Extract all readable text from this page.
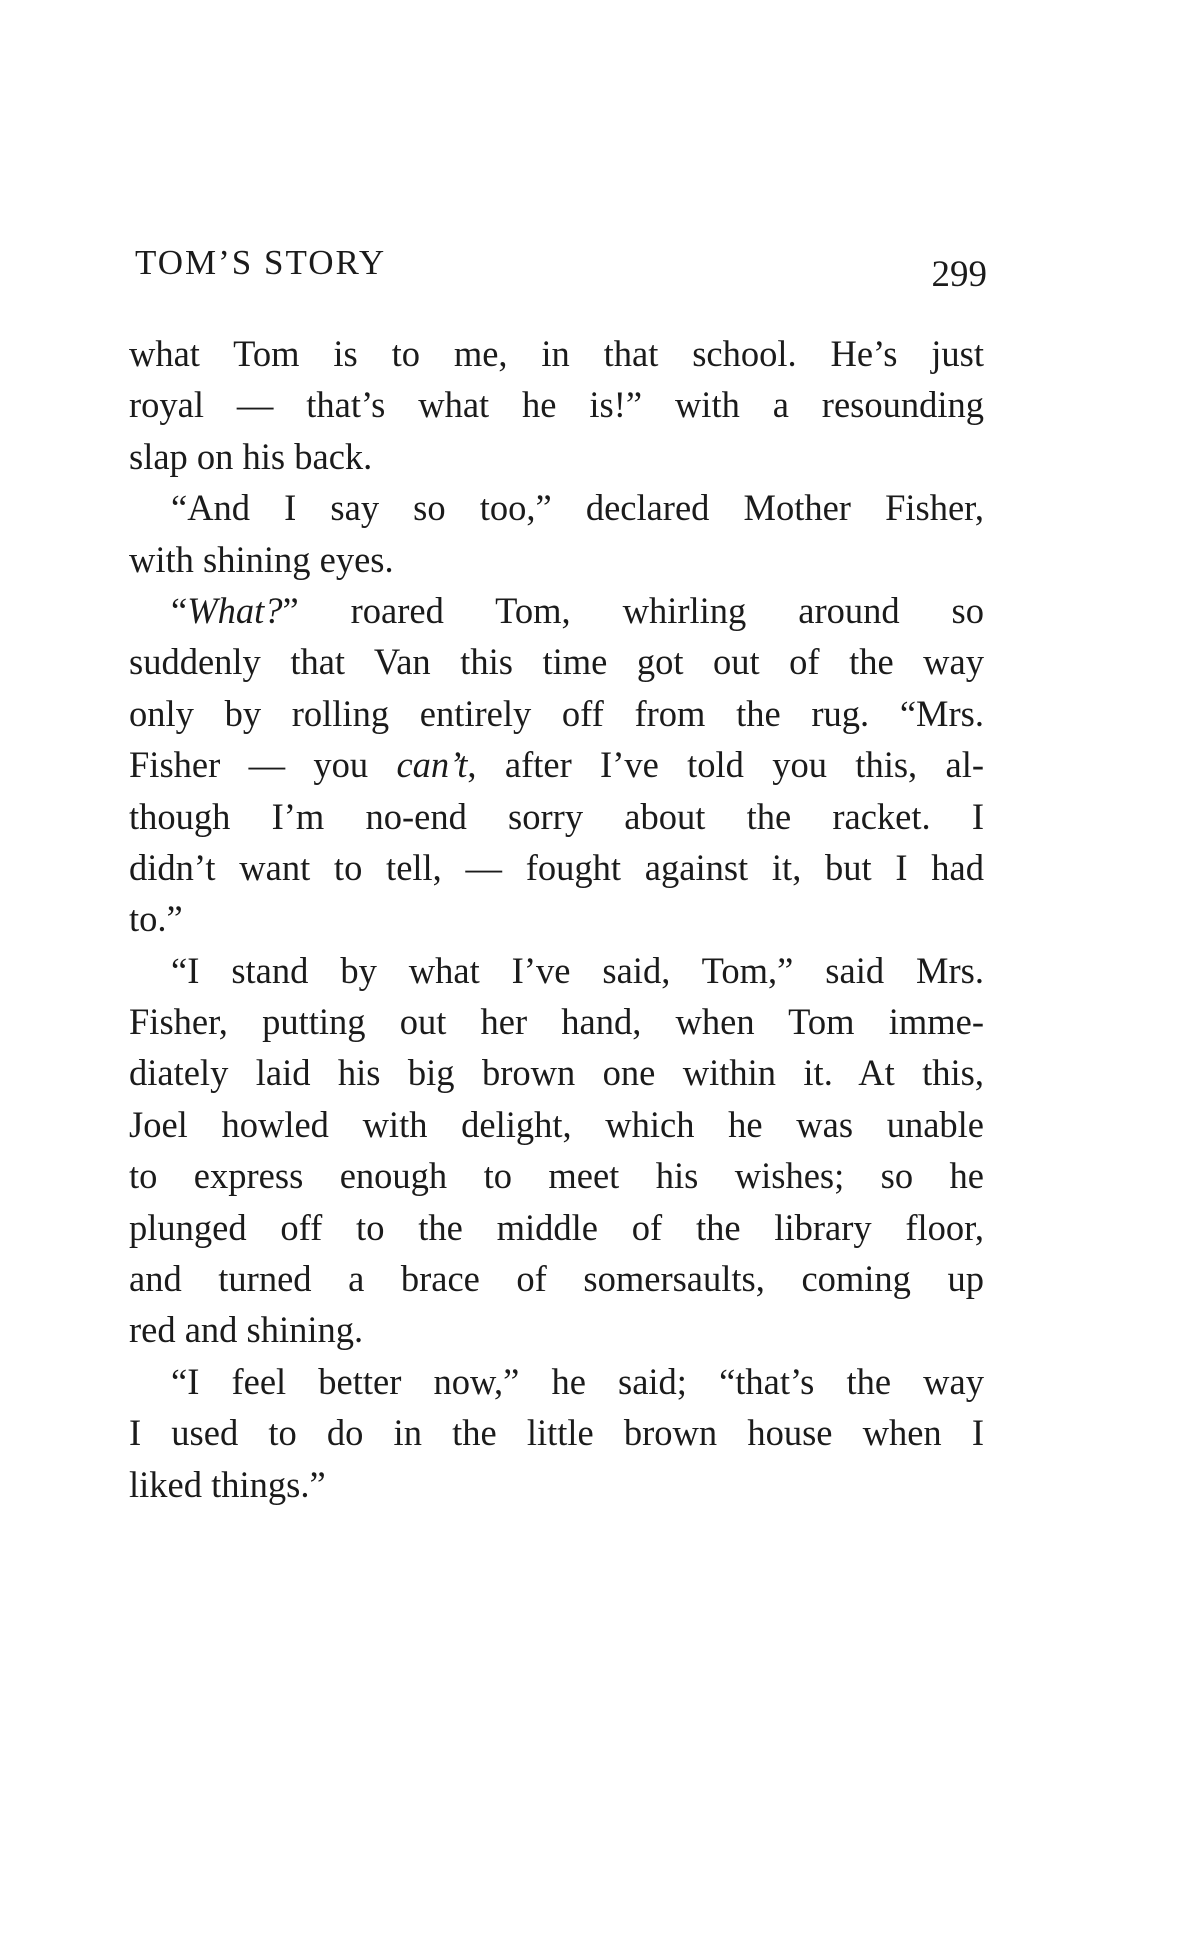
TOM’S STORY	299
what Tom is to me, in that school. He’s just
royal — that’s what he is!” with a resounding
slap on his back.
“And I say so too,” declared Mother Fisher,
with shining eyes.
“What?” roared Tom, whirling around so
suddenly that Van this time got out of the way
only by rolling entirely off from the rug. “Mrs.
Fisher — you can’t, after I’ve told you this, al-
though I’m no-end sorry about the racket. I
didn’t want to tell, — fought against it, but I had
to.”
“I stand by what I’ve said, Tom,” said Mrs.
Fisher, putting out her hand, when Tom imme-
diately laid his big brown one within it. At this,
Joel howled with delight, which he was unable
to express enough to meet his wishes; so he
plunged off to the middle of the library floor,
and turned a brace of somersaults, coming up
red and shining.
“I feel better now,” he said; “that’s the way
I used to do in the little brown house when I
liked things.”
